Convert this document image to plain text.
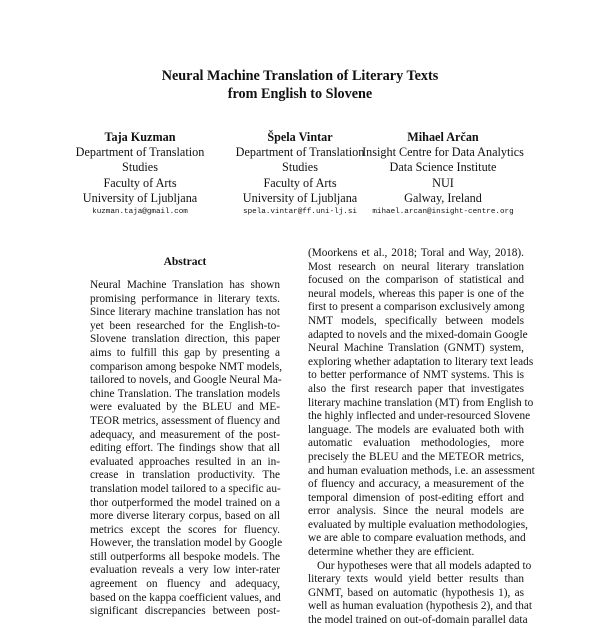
Neural Machine Translation of Literary Texts
from English to Slovene
Taja Kuzman
Department of Translation
Studies
Faculty of Arts
University of Ljubljana
kuzman.taja@gmail.com
Špela Vintar
Department of Translation
Studies
Faculty of Arts
University of Ljubljana
spela.vintar@ff.uni-lj.si
Mihael Arčan
Insight Centre for Data Analytics
Data Science Institute
NUI
Galway, Ireland
mihael.arcan@insight-centre.org
Abstract
Neural Machine Translation has shown
promising performance in literary texts.
Since literary machine translation has not
yet been researched for the English-to-
Slovene translation direction, this paper
aims to fulfill this gap by presenting a
comparison among bespoke NMT models,
tailored to novels, and Google Neural Ma-
chine Translation. The translation models
were evaluated by the BLEU and ME-
TEOR metrics, assessment of fluency and
adequacy, and measurement of the post-
editing effort. The findings show that all
evaluated approaches resulted in an in-
crease in translation productivity. The
translation model tailored to a specific au-
thor outperformed the model trained on a
more diverse literary corpus, based on all
metrics except the scores for fluency.
However, the translation model by Google
still outperforms all bespoke models. The
evaluation reveals a very low inter-rater
agreement on fluency and adequacy,
based on the kappa coefficient values, and
significant discrepancies between post-
(Moorkens et al., 2018; Toral and Way, 2018).
Most research on neural literary translation
focused on the comparison of statistical and
neural models, whereas this paper is one of the
first to present a comparison exclusively among
NMT models, specifically between models
adapted to novels and the mixed-domain Google
Neural Machine Translation (GNMT) system,
exploring whether adaptation to literary text leads
to better performance of NMT systems. This is
also the first research paper that investigates
literary machine translation (MT) from English to
the highly inflected and under-resourced Slovene
language. The models are evaluated both with
automatic evaluation methodologies, more
precisely the BLEU and the METEOR metrics,
and human evaluation methods, i.e. an assessment
of fluency and accuracy, a measurement of the
temporal dimension of post-editing effort and
error analysis. Since the neural models are
evaluated by multiple evaluation methodologies,
we are able to compare evaluation methods, and
determine whether they are efficient.
Our hypotheses were that all models adapted to
literary texts would yield better results than
GNMT, based on automatic (hypothesis 1), as
well as human evaluation (hypothesis 2), and that
the model trained on out-of-domain parallel data
